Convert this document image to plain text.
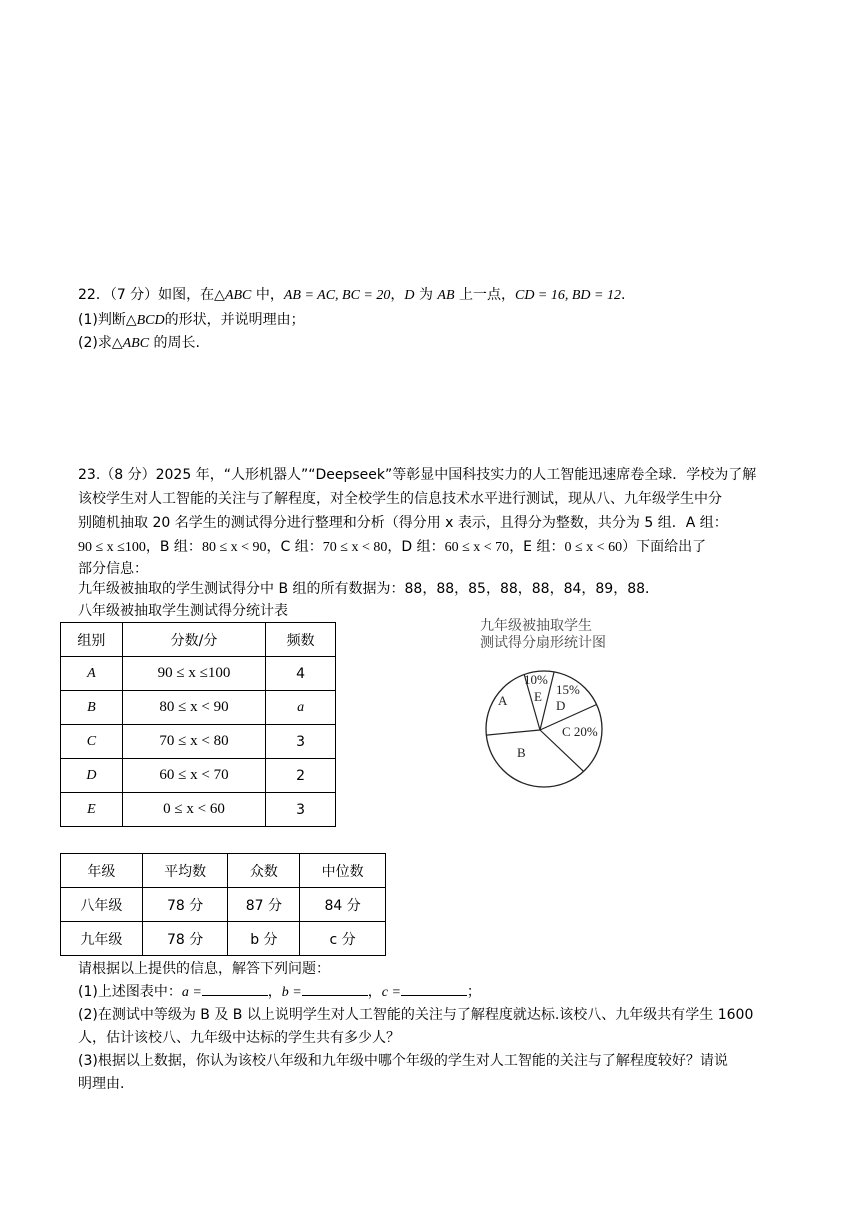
22．（7 分）如图，在△ABC 中，AB = AC, BC = 20，D 为 AB 上一点，CD = 16, BD = 12.
(1)判断△BCD的形状，并说明理由；
(2)求△ABC 的周长.
23.（8 分）2025 年，“人形机器人”“Deepseek”等彰显中国科技实力的人工智能迅速席卷全球．学校为了解
该校学生对人工智能的关注与了解程度，对全校学生的信息技术水平进行测试，现从八、九年级学生中分
别随机抽取 20 名学生的测试得分进行整理和分析（得分用 x 表示，且得分为整数，共分为 5 组．A 组：
90 ≤ x ≤100，B 组：80 ≤ x < 90，C 组：70 ≤ x < 80，D 组：60 ≤ x < 70，E 组：0 ≤ x < 60）下面给出了
部分信息：
九年级被抽取的学生测试得分中 B 组的所有数据为：88，88，85，88，88，84，89，88．
八年级被抽取学生测试得分统计表
组别	分数/分	频数
A	90 ≤ x ≤100	4
B	80 ≤ x < 90	a
C	70 ≤ x < 80	3
D	60 ≤ x < 70	2
E	0 ≤ x < 60	3
九年级被抽取学生
测试得分扇形统计图
A
B
C 20%
D
15%
E
10%
年级	平均数	众数	中位数
八年级	78 分	87 分	84 分
九年级	78 分	b 分	c 分
请根据以上提供的信息，解答下列问题：
(1)上述图表中：a =	，b =	，c =	；
(2)在测试中等级为 B 及 B 以上说明学生对人工智能的关注与了解程度就达标.该校八、九年级共有学生 1600
人，估计该校八、九年级中达标的学生共有多少人？
(3)根据以上数据，你认为该校八年级和九年级中哪个年级的学生对人工智能的关注与了解程度较好？请说
明理由.
